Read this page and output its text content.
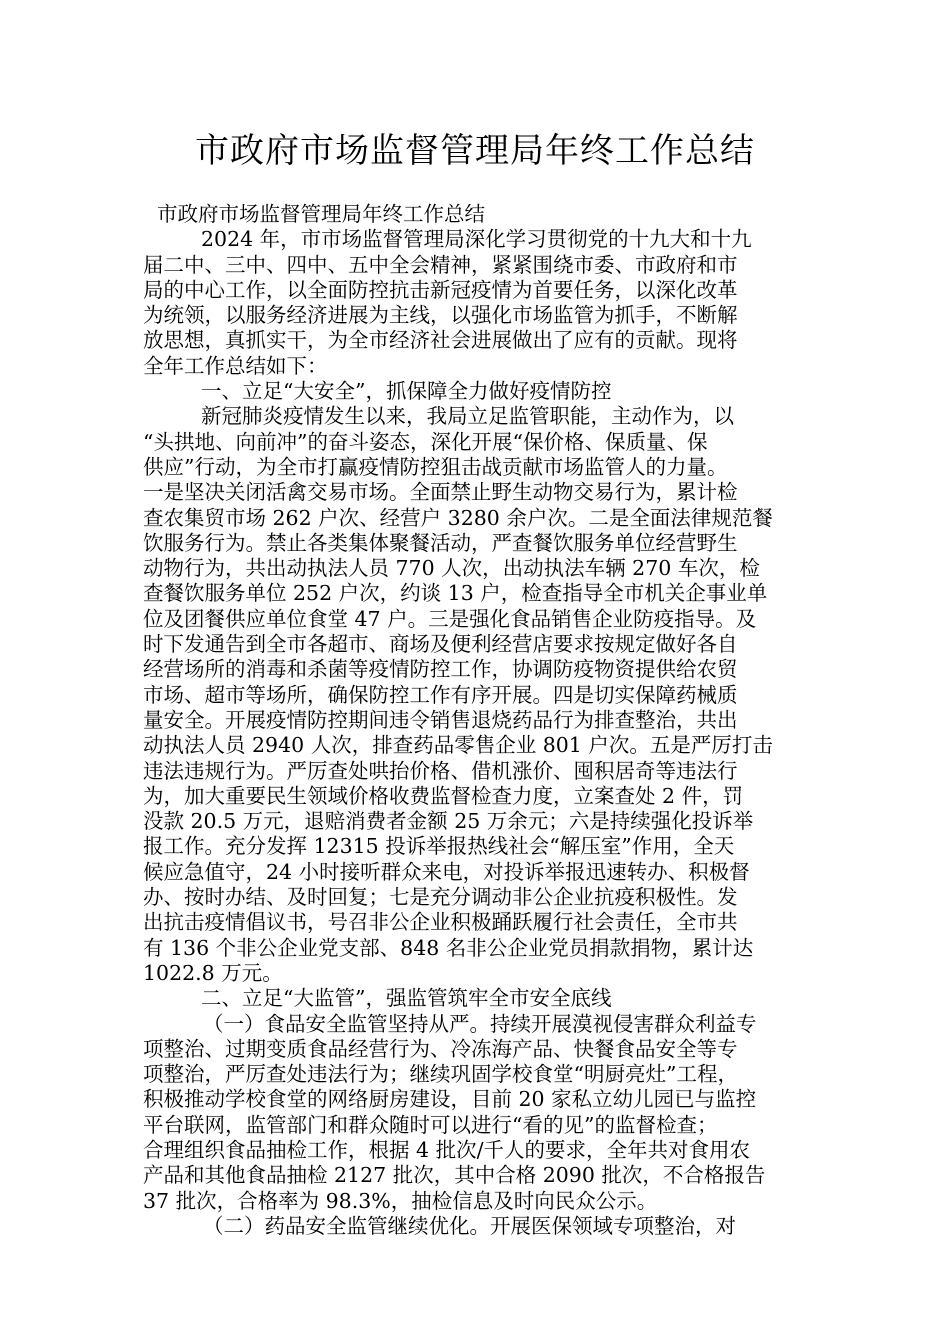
市政府市场监督管理局年终工作总结
市政府市场监督管理局年终工作总结
2024 年，市市场监督管理局深化学习贯彻党的十九大和十九
届二中、三中、四中、五中全会精神，紧紧围绕市委、市政府和市
局的中心工作，以全面防控抗击新冠疫情为首要任务，以深化改革
为统领，以服务经济进展为主线，以强化市场监管为抓手，不断解
放思想，真抓实干，为全市经济社会进展做出了应有的贡献。现将
全年工作总结如下：
一、立足“大安全”，抓保障全力做好疫情防控
新冠肺炎疫情发生以来，我局立足监管职能，主动作为，以
“头拱地、向前冲”的奋斗姿态，深化开展“保价格、保质量、保
供应”行动，为全市打赢疫情防控狙击战贡献市场监管人的力量。
一是坚决关闭活禽交易市场。全面禁止野生动物交易行为，累计检
查农集贸市场 262 户次、经营户 3280 余户次。二是全面法律规范餐
饮服务行为。禁止各类集体聚餐活动，严查餐饮服务单位经营野生
动物行为，共出动执法人员 770 人次，出动执法车辆 270 车次，检
查餐饮服务单位 252 户次，约谈 13 户，检查指导全市机关企事业单
位及团餐供应单位食堂 47 户。三是强化食品销售企业防疫指导。及
时下发通告到全市各超市、商场及便利经营店要求按规定做好各自
经营场所的消毒和杀菌等疫情防控工作，协调防疫物资提供给农贸
市场、超市等场所，确保防控工作有序开展。四是切实保障药械质
量安全。开展疫情防控期间违令销售退烧药品行为排查整治，共出
动执法人员 2940 人次，排查药品零售企业 801 户次。五是严厉打击
违法违规行为。严厉查处哄抬价格、借机涨价、囤积居奇等违法行
为，加大重要民生领域价格收费监督检查力度，立案查处 2 件，罚
没款 20.5 万元，退赔消费者金额 25 万余元；六是持续强化投诉举
报工作。充分发挥 12315 投诉举报热线社会“解压室”作用，全天
候应急值守，24 小时接听群众来电，对投诉举报迅速转办、积极督
办、按时办结、及时回复；七是充分调动非公企业抗疫积极性。发
出抗击疫情倡议书，号召非公企业积极踊跃履行社会责任，全市共
有 136 个非公企业党支部、848 名非公企业党员捐款捐物，累计达
1022.8 万元。
二、立足“大监管”，强监管筑牢全市安全底线
（一）食品安全监管坚持从严。持续开展漠视侵害群众利益专
项整治、过期变质食品经营行为、冷冻海产品、快餐食品安全等专
项整治，严厉查处违法行为；继续巩固学校食堂“明厨亮灶”工程，
积极推动学校食堂的网络厨房建设，目前 20 家私立幼儿园已与监控
平台联网，监管部门和群众随时可以进行“看的见”的监督检查；
合理组织食品抽检工作，根据 4 批次/千人的要求，全年共对食用农
产品和其他食品抽检 2127 批次，其中合格 2090 批次，不合格报告
37 批次，合格率为 98.3%，抽检信息及时向民众公示。
（二）药品安全监管继续优化。开展医保领域专项整治，对
